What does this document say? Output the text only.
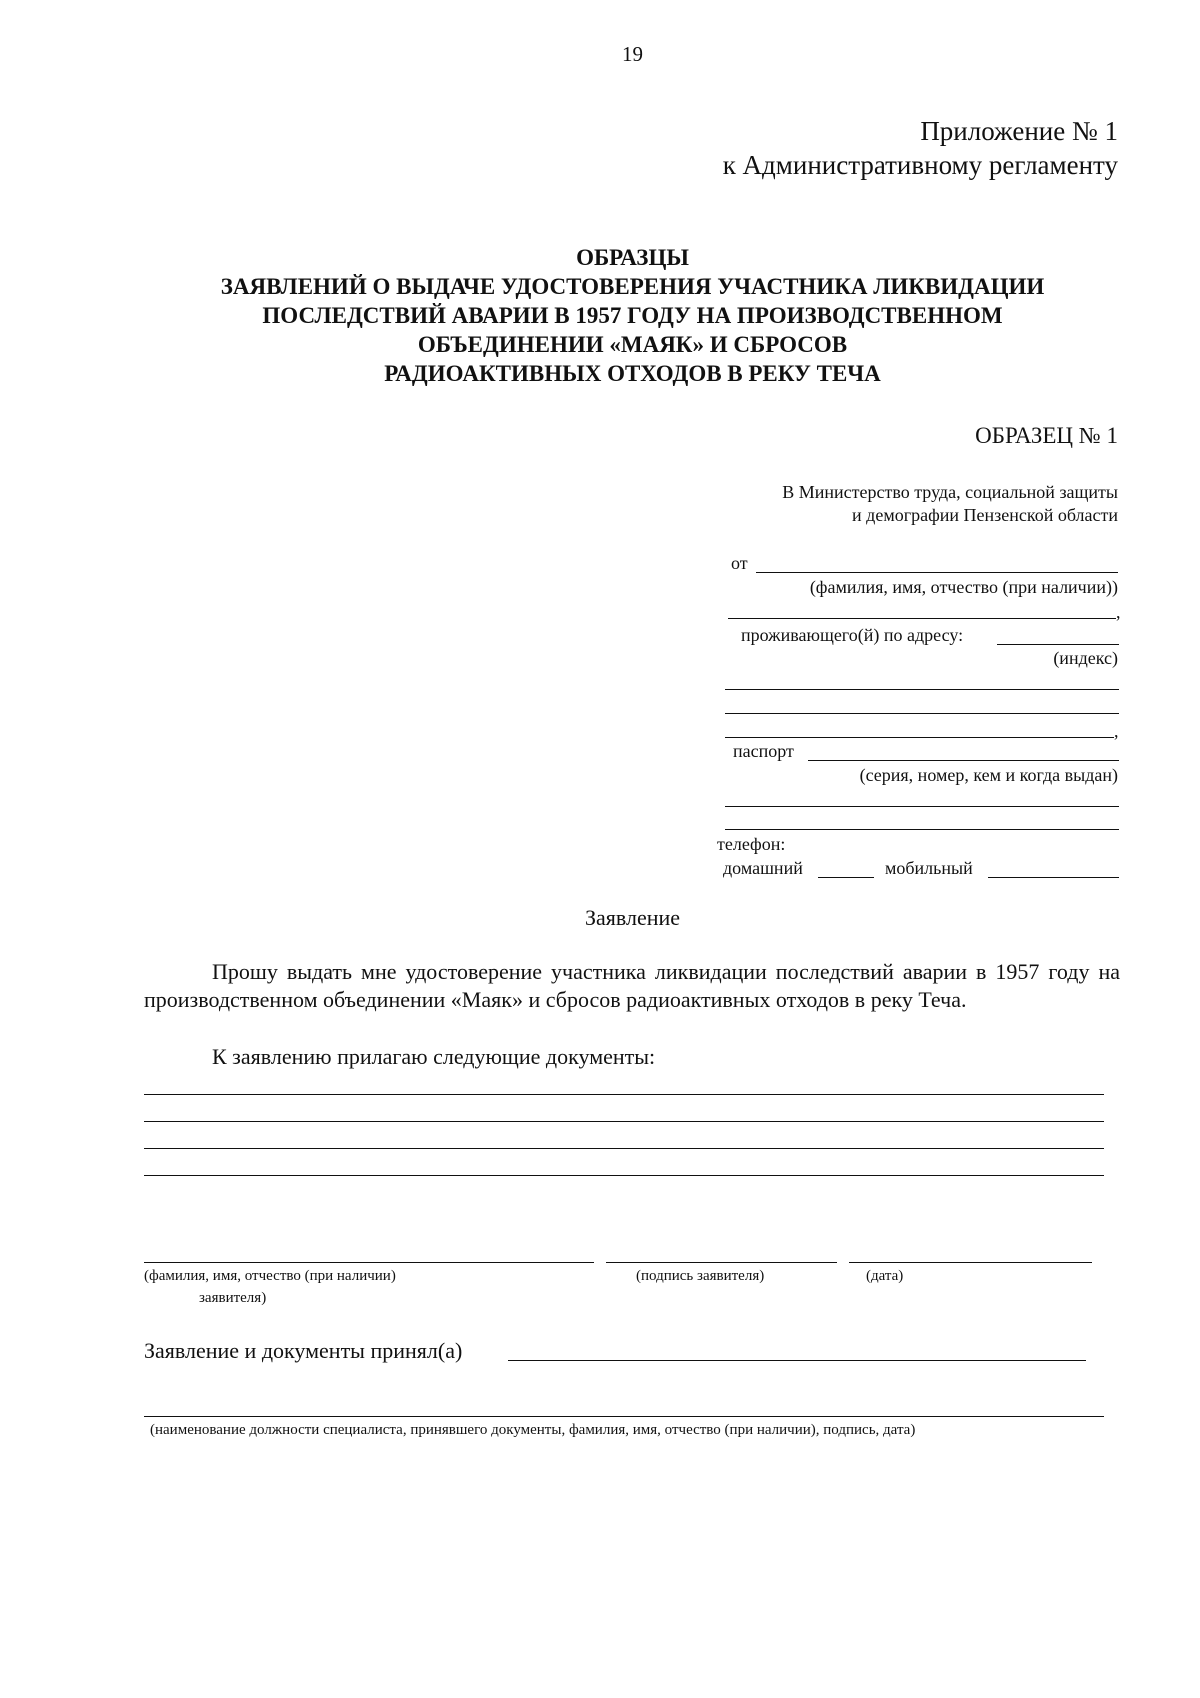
19
Приложение № 1
к Административному регламенту
ОБРАЗЦЫ
ЗАЯВЛЕНИЙ О ВЫДАЧЕ УДОСТОВЕРЕНИЯ УЧАСТНИКА ЛИКВИДАЦИИ
ПОСЛЕДСТВИЙ АВАРИИ В 1957 ГОДУ НА ПРОИЗВОДСТВЕННОМ
ОБЪЕДИНЕНИИ «МАЯК» И СБРОСОВ
РАДИОАКТИВНЫХ ОТХОДОВ В РЕКУ ТЕЧА
ОБРАЗЕЦ № 1
В Министерство труда, социальной защиты
и демографии Пензенской области
от
(фамилия, имя, отчество (при наличии))
,
проживающего(й) по адресу:
(индекс)
,
паспорт
(серия, номер, кем и когда выдан)
телефон:
домашний	мобильный
Заявление
Прошу выдать мне удостоверение участника ликвидации последствий аварии в 1957 году на производственном объединении «Маяк» и сбросов радиоактивных отходов в реку Теча.
К заявлению прилагаю следующие документы:
(фамилия, имя, отчество (при наличии)
заявителя)
(подпись заявителя)	(дата)
Заявление и документы принял(а)
(наименование должности специалиста, принявшего документы, фамилия, имя, отчество (при наличии), подпись, дата)
